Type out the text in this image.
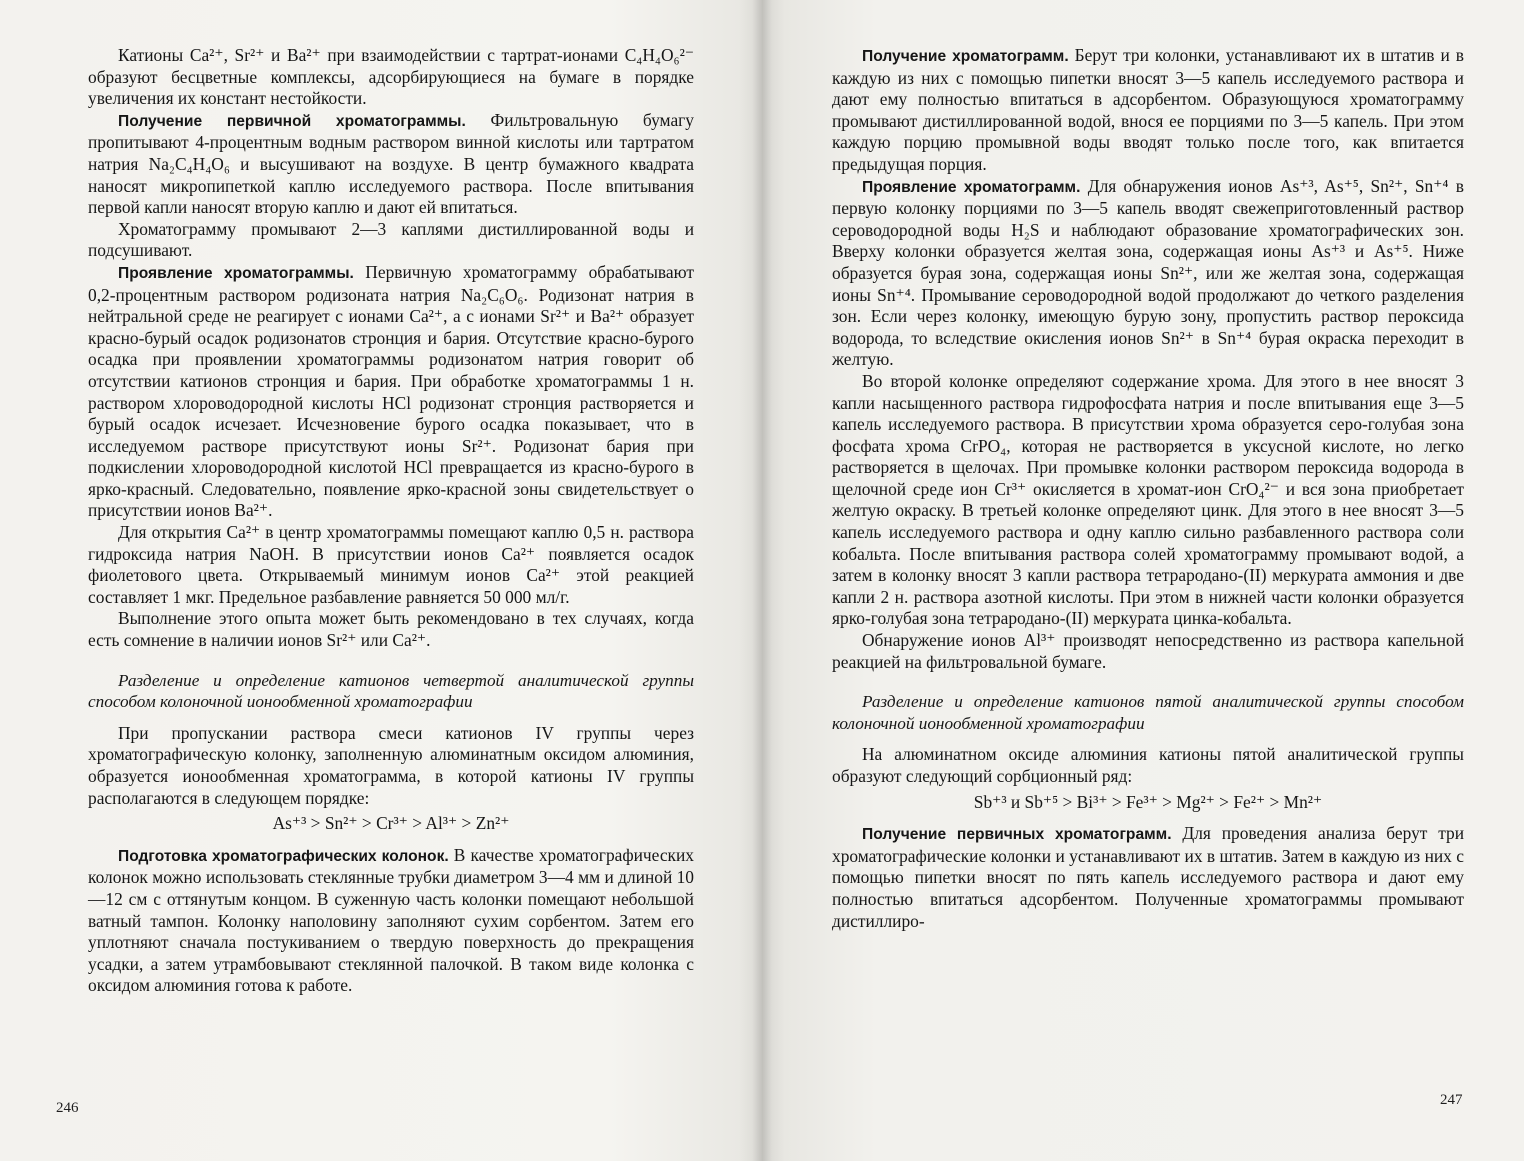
Катионы Ca²⁺, Sr²⁺ и Ba²⁺ при взаимодействии с тартрат-ионами C₄H₄O₆²⁻ образуют бесцветные комплексы, адсорбирующиеся на бумаге в порядке увеличения их констант нестойкости.

Получение первичной хроматограммы. Фильтровальную бумагу пропитывают 4-процентным водным раствором винной кислоты или тартратом натрия Na₂C₄H₄O₆ и высушивают на воздухе. В центр бумажного квадрата наносят микропипеткой каплю исследуемого раствора. После впитывания первой капли наносят вторую каплю и дают ей впитаться.

Хроматограмму промывают 2—3 каплями дистиллированной воды и подсушивают.

Проявление хроматограммы. Первичную хроматограмму обрабатывают 0,2-процентным раствором родизоната натрия Na₂C₆O₆. Родизонат натрия в нейтральной среде не реагирует с ионами Ca²⁺, а с ионами Sr²⁺ и Ba²⁺ образует красно-бурый осадок родизонатов стронция и бария. Отсутствие красно-бурого осадка при проявлении хроматограммы родизонатом натрия говорит об отсутствии катионов стронция и бария. При обработке хроматограммы 1 н. раствором хлороводородной кислоты HCl родизонат стронция растворяется и бурый осадок исчезает. Исчезновение бурого осадка показывает, что в исследуемом растворе присутствуют ионы Sr²⁺. Родизонат бария при подкислении хлороводородной кислотой HCl превращается из красно-бурого в ярко-красный. Следовательно, появление ярко-красной зоны свидетельствует о присутствии ионов Ba²⁺.

Для открытия Ca²⁺ в центр хроматограммы помещают каплю 0,5 н. раствора гидроксида натрия NaOH. В присутствии ионов Ca²⁺ появляется осадок фиолетового цвета. Открываемый минимум ионов Ca²⁺ этой реакцией составляет 1 мкг. Предельное разбавление равняется 50 000 мл/г.

Выполнение этого опыта может быть рекомендовано в тех случаях, когда есть сомнение в наличии ионов Sr²⁺ или Ca²⁺.

Разделение и определение катионов четвертой аналитической группы способом колоночной ионообменной хроматографии

При пропускании раствора смеси катионов IV группы через хроматографическую колонку, заполненную алюминатным оксидом алюминия, образуется ионообменная хроматограмма, в которой катионы IV группы располагаются в следующем порядке:

As⁺³ > Sn²⁺ > Cr³⁺ > Al³⁺ > Zn²⁺

Подготовка хроматографических колонок. В качестве хроматографических колонок можно использовать стеклянные трубки диаметром 3—4 мм и длиной 10—12 см с оттянутым концом. В суженную часть колонки помещают небольшой ватный тампон. Колонку наполовину заполняют сухим сорбентом. Затем его уплотняют сначала постукиванием о твердую поверхность до прекращения усадки, а затем утрамбовывают стеклянной палочкой. В таком виде колонка с оксидом алюминия готова к работе.

246

Получение хроматограмм. Берут три колонки, устанавливают их в штатив и в каждую из них с помощью пипетки вносят 3—5 капель исследуемого раствора и дают ему полностью впитаться в адсорбентом. Образующуюся хроматограмму промывают дистиллированной водой, внося ее порциями по 3—5 капель. При этом каждую порцию промывной воды вводят только после того, как впитается предыдущая порция.

Проявление хроматограмм. Для обнаружения ионов As⁺³, As⁺⁵, Sn²⁺, Sn⁺⁴ в первую колонку порциями по 3—5 капель вводят свежеприготовленный раствор сероводородной воды H₂S и наблюдают образование хроматографических зон. Вверху колонки образуется желтая зона, содержащая ионы As⁺³ и As⁺⁵. Ниже образуется бурая зона, содержащая ионы Sn²⁺, или же желтая зона, содержащая ионы Sn⁺⁴. Промывание сероводородной водой продолжают до четкого разделения зон. Если через колонку, имеющую бурую зону, пропустить раствор пероксида водорода, то вследствие окисления ионов Sn²⁺ в Sn⁺⁴ бурая окраска переходит в желтую.

Во второй колонке определяют содержание хрома. Для этого в нее вносят 3 капли насыщенного раствора гидрофосфата натрия и после впитывания еще 3—5 капель исследуемого раствора. В присутствии хрома образуется серо-голубая зона фосфата хрома CrPO₄, которая не растворяется в уксусной кислоте, но легко растворяется в щелочах. При промывке колонки раствором пероксида водорода в щелочной среде ион Cr³⁺ окисляется в хромат-ион CrO₄²⁻ и вся зона приобретает желтую окраску. В третьей колонке определяют цинк. Для этого в нее вносят 3—5 капель исследуемого раствора и одну каплю сильно разбавленного раствора соли кобальта. После впитывания раствора солей хроматограмму промывают водой, а затем в колонку вносят 3 капли раствора тетрародано-(II) меркурата аммония и две капли 2 н. раствора азотной кислоты. При этом в нижней части колонки образуется ярко-голубая зона тетрародано-(II) меркурата цинка-кобальта.

Обнаружение ионов Al³⁺ производят непосредственно из раствора капельной реакцией на фильтровальной бумаге.

Разделение и определение катионов пятой аналитической группы способом колоночной ионообменной хроматографии

На алюминатном оксиде алюминия катионы пятой аналитической группы образуют следующий сорбционный ряд:

Sb⁺³ и Sb⁺⁵ > Bi³⁺ > Fe³⁺ > Mg²⁺ > Fe²⁺ > Mn²⁺

Получение первичных хроматограмм. Для проведения анализа берут три хроматографические колонки и устанавливают их в штатив. Затем в каждую из них с помощью пипетки вносят по пять капель исследуемого раствора и дают ему полностью впитаться адсорбентом. Полученные хроматограммы промывают дистиллиро-

247
